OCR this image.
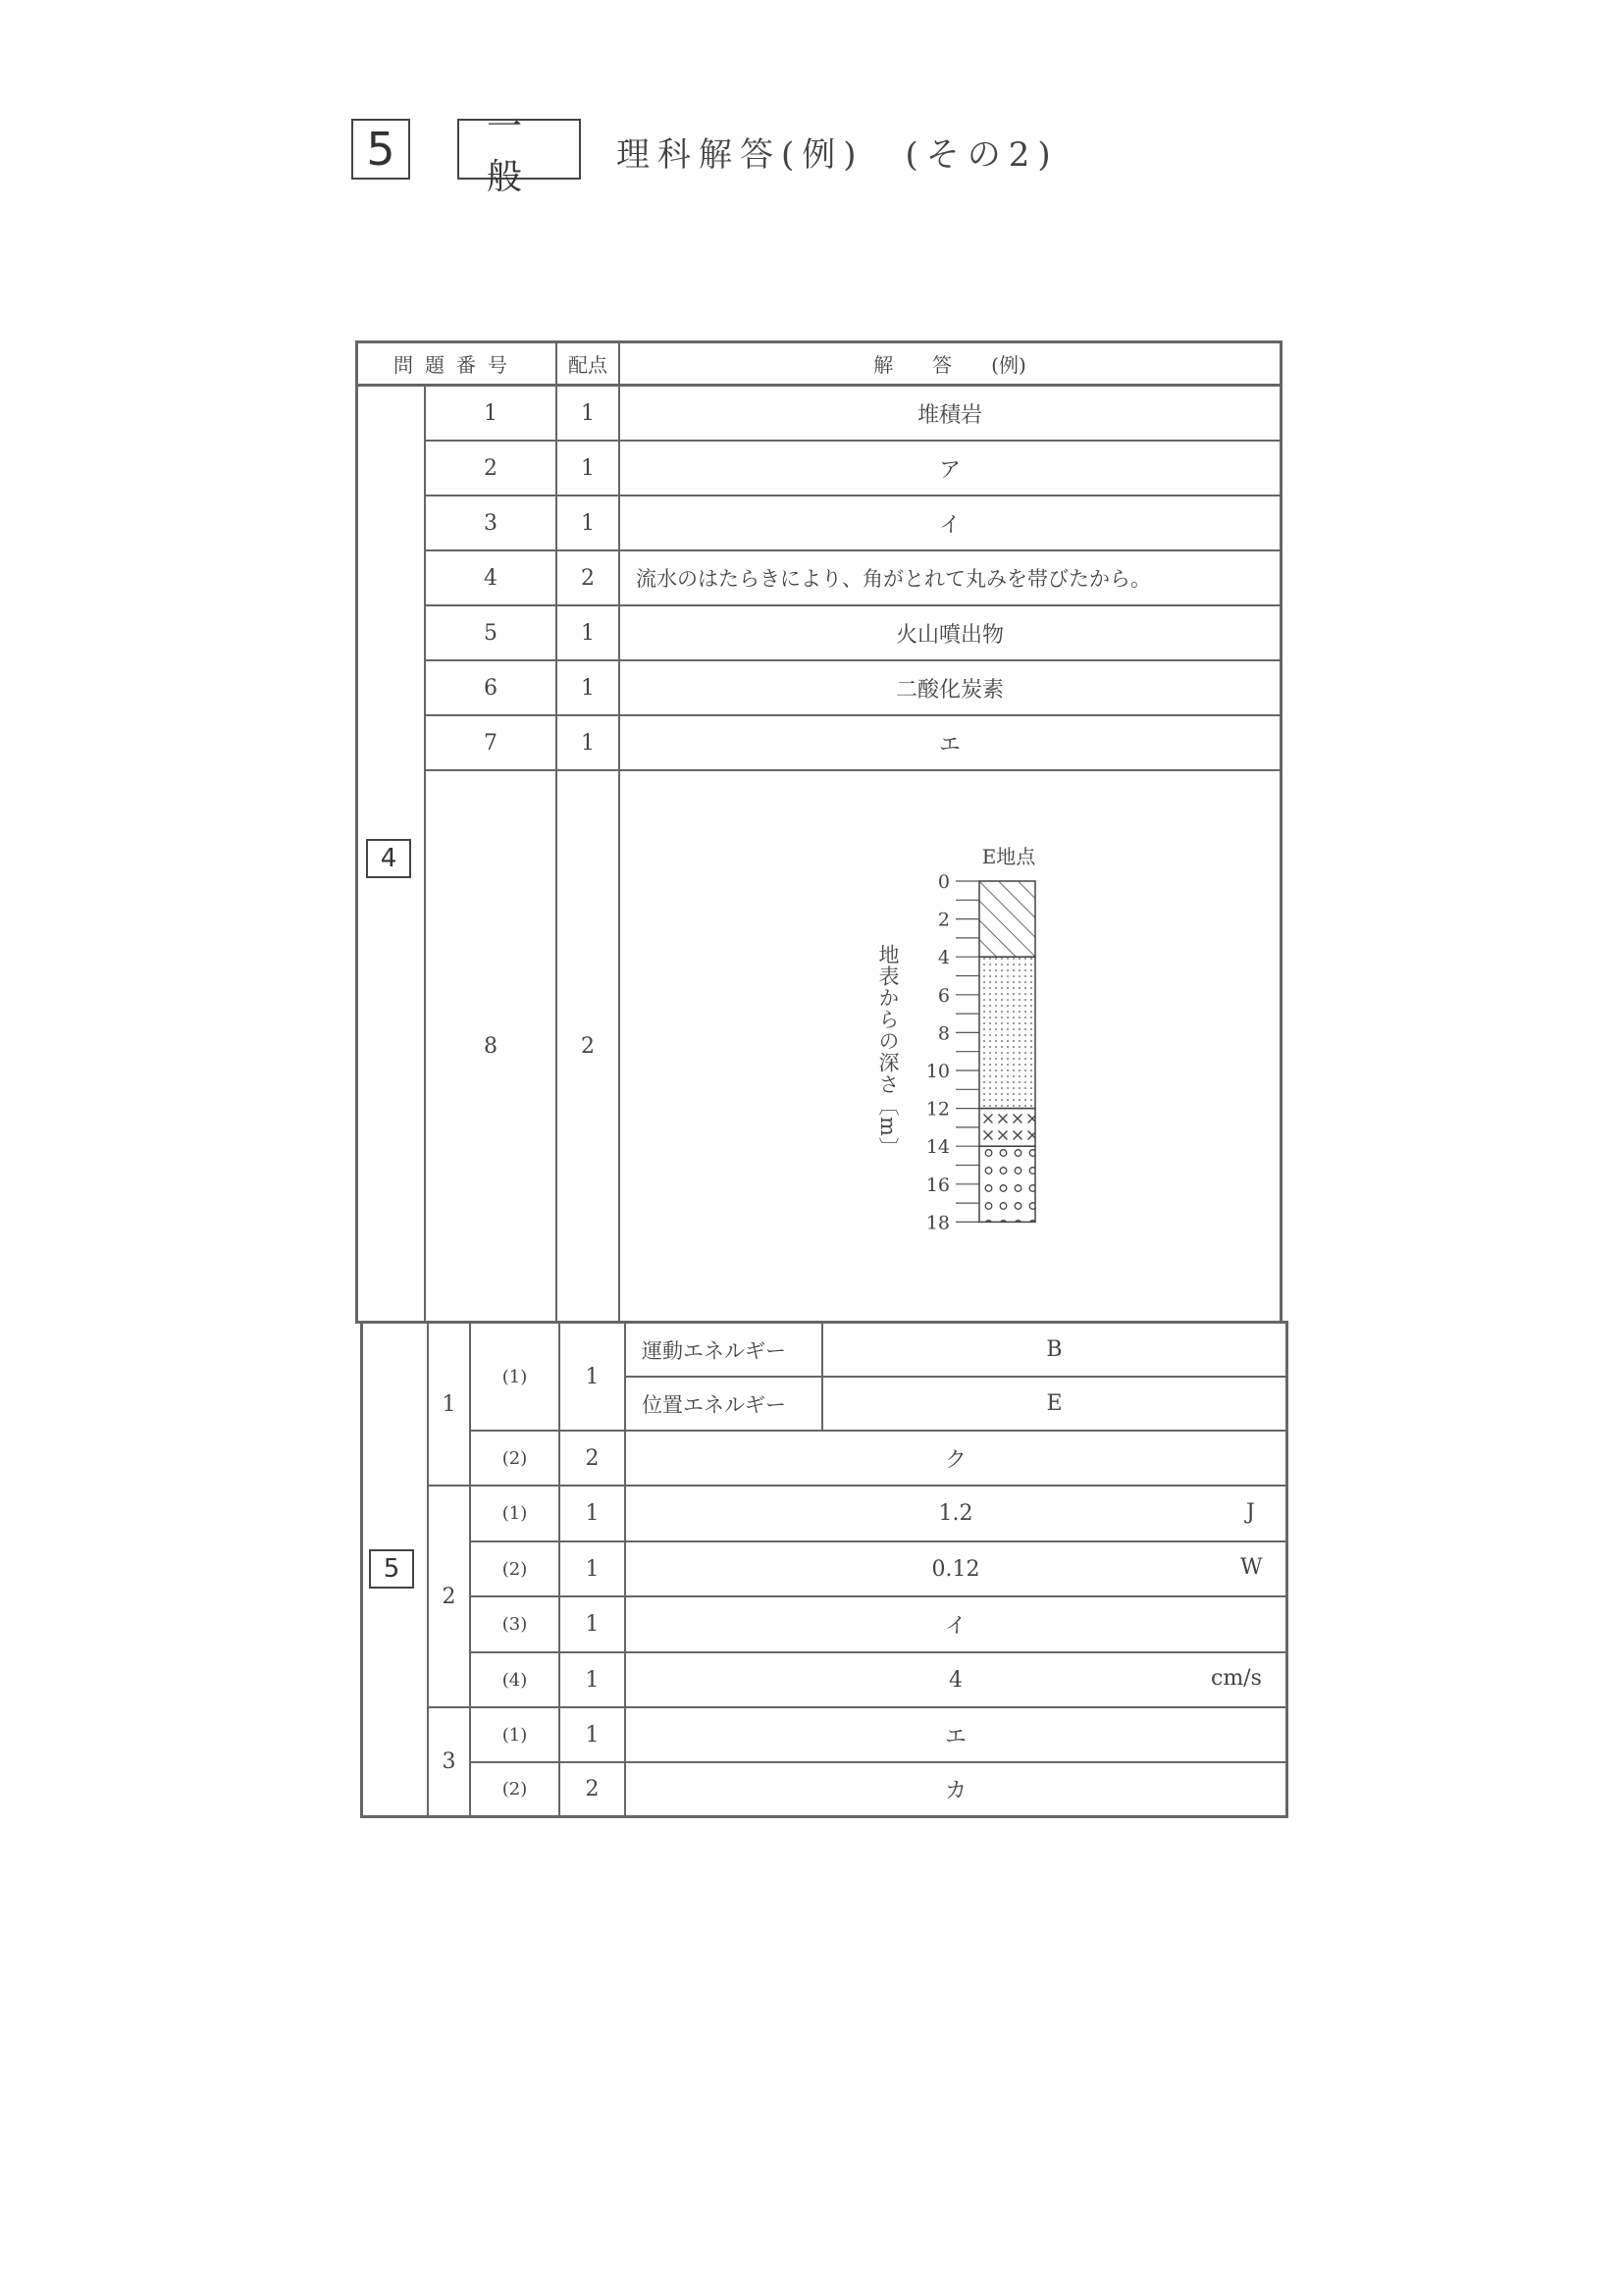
5	一般
理科解答(例)　(その2)
問題番号	配点	解　　答　　(例)
4
1	1	堆積岩
2	1	ア
3	1	イ
4	2	流水のはたらきにより、角がとれて丸みを帯びたから。
5	1	火山噴出物
6	1	二酸化炭素
7	1	エ
8	2
E地点
0
2
4
6
8
10
12
14
16
18
地表からの深さ〔m〕
5
1
(1)	1
運動エネルギー	B
位置エネルギー	E
(2)	2	ク
2
(1)	1	1.2	J
(2)	1	0.12	W
(3)	1	イ
(4)	1	4	cm/s
3
(1)	1	エ
(2)	2	カ
